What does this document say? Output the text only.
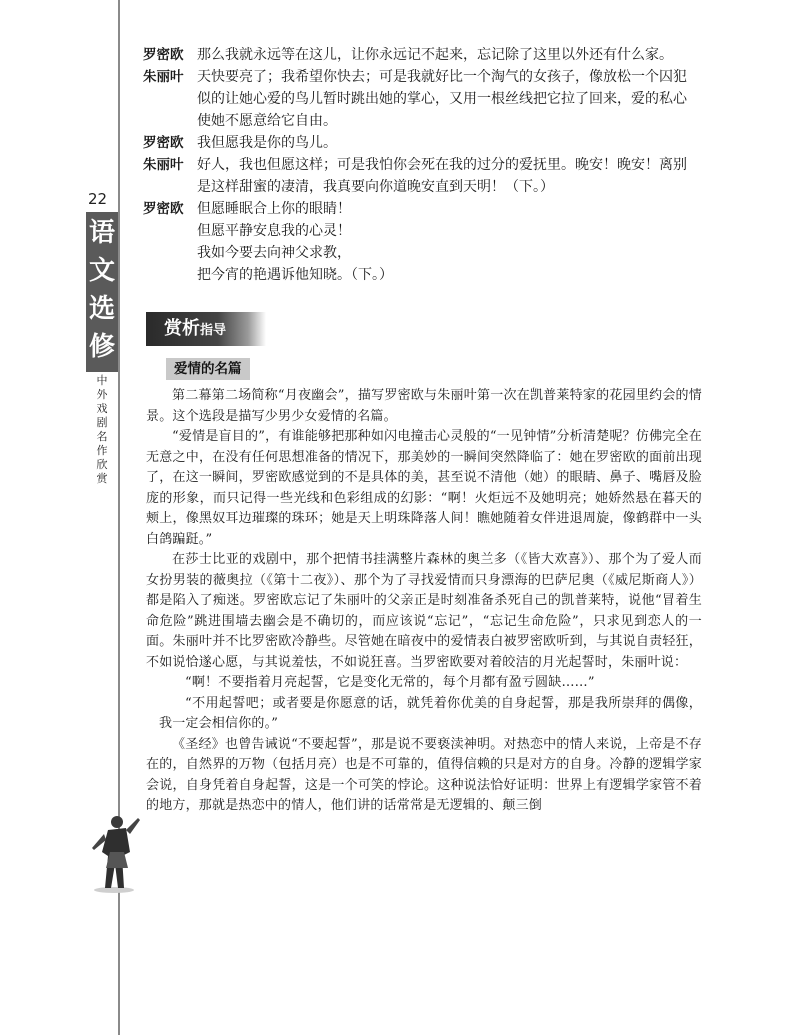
22
语
文
选
修
中外戏剧名作欣赏
罗密欧 那么我就永远等在这儿，让你永远记不起来，忘记除了这里以外还有什么家。
朱丽叶 天快要亮了；我希望你快去；可是我就好比一个淘气的女孩子，像放松一个囚犯
似的让她心爱的鸟儿暂时跳出她的掌心，又用一根丝线把它拉了回来，爱的私心
使她不愿意给它自由。
罗密欧 我但愿我是你的鸟儿。
朱丽叶 好人，我也但愿这样；可是我怕你会死在我的过分的爱抚里。晚安！晚安！离别
是这样甜蜜的凄清，我真要向你道晚安直到天明！（下。）
罗密欧 但愿睡眠合上你的眼睛！
但愿平静安息我的心灵！
我如今要去向神父求教，
把今宵的艳遇诉他知晓。（下。）
赏析指导
爱情的名篇

第二幕第二场简称“月夜幽会”，描写罗密欧与朱丽叶第一次在凯普莱特家的花园里约会的情景。这个选段是描写少男少女爱情的名篇。

“爱情是盲目的”，有谁能够把那种如闪电撞击心灵般的“一见钟情”分析清楚呢？仿佛完全在无意之中，在没有任何思想准备的情况下，那美妙的一瞬间突然降临了：她在罗密欧的面前出现了，在这一瞬间，罗密欧感觉到的不是具体的美，甚至说不清他（她）的眼睛、鼻子、嘴唇及脸庞的形象，而只记得一些光线和色彩组成的幻影：“啊！火炬远不及她明亮；她娇然悬在暮天的颊上，像黑奴耳边璀璨的珠环；她是天上明珠降落人间！瞧她随着女伴进退周旋，像鹤群中一头白鸽蹁跹。”

在莎士比亚的戏剧中，那个把情书挂满整片森林的奥兰多（《皆大欢喜》）、那个为了爱人而女扮男装的薇奥拉（《第十二夜》）、那个为了寻找爱情而只身漂海的巴萨尼奥（《威尼斯商人》）都是陷入了痴迷。罗密欧忘记了朱丽叶的父亲正是时刻准备杀死自己的凯普莱特，说他“冒着生命危险”跳进围墙去幽会是不确切的，而应该说“忘记”，“忘记生命危险”，只求见到恋人的一面。朱丽叶并不比罗密欧冷静些。尽管她在暗夜中的爱情表白被罗密欧听到，与其说自责轻狂，不如说恰遂心愿，与其说羞怯，不如说狂喜。当罗密欧要对着皎洁的月光起誓时，朱丽叶说：

“啊！不要指着月亮起誓，它是变化无常的，每个月都有盈亏圆缺……”

“不用起誓吧；或者要是你愿意的话，就凭着你优美的自身起誓，那是我所崇拜的偶像，我一定会相信你的。”

《圣经》也曾告诫说“不要起誓”，那是说不要亵渎神明。对热恋中的情人来说，上帝是不存在的，自然界的万物（包括月亮）也是不可靠的，值得信赖的只是对方的自身。冷静的逻辑学家会说，自身凭着自身起誓，这是一个可笑的悖论。这种说法恰好证明：世界上有逻辑学家管不着的地方，那就是热恋中的情人，他们讲的话常常是无逻辑的、颠三倒
